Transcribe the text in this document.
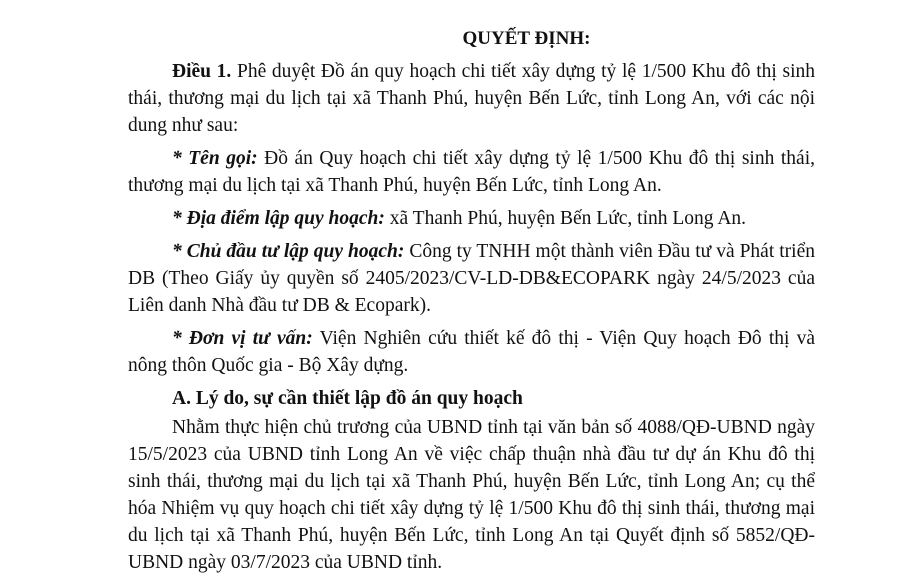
QUYẾT ĐỊNH:

Điều 1. Phê duyệt Đồ án quy hoạch chi tiết xây dựng tỷ lệ 1/500 Khu đô thị sinh thái, thương mại du lịch tại xã Thanh Phú, huyện Bến Lức, tỉnh Long An, với các nội dung như sau:

* Tên gọi: Đồ án Quy hoạch chi tiết xây dựng tỷ lệ 1/500 Khu đô thị sinh thái, thương mại du lịch tại xã Thanh Phú, huyện Bến Lức, tỉnh Long An.

* Địa điểm lập quy hoạch: xã Thanh Phú, huyện Bến Lức, tỉnh Long An.

* Chủ đầu tư lập quy hoạch: Công ty TNHH một thành viên Đầu tư và Phát triển DB (Theo Giấy ủy quyền số 2405/2023/CV-LD-DB&ECOPARK ngày 24/5/2023 của Liên danh Nhà đầu tư DB & Ecopark).

* Đơn vị tư vấn: Viện Nghiên cứu thiết kế đô thị - Viện Quy hoạch Đô thị và nông thôn Quốc gia - Bộ Xây dựng.

A. Lý do, sự cần thiết lập đồ án quy hoạch

Nhằm thực hiện chủ trương của UBND tỉnh tại văn bản số 4088/QĐ-UBND ngày 15/5/2023 của UBND tỉnh Long An về việc chấp thuận nhà đầu tư dự án Khu đô thị sinh thái, thương mại du lịch tại xã Thanh Phú, huyện Bến Lức, tỉnh Long An; cụ thể hóa Nhiệm vụ quy hoạch chi tiết xây dựng tỷ lệ 1/500 Khu đô thị sinh thái, thương mại du lịch tại xã Thanh Phú, huyện Bến Lức, tỉnh Long An tại Quyết định số 5852/QĐ-UBND ngày 03/7/2023 của UBND tỉnh.
